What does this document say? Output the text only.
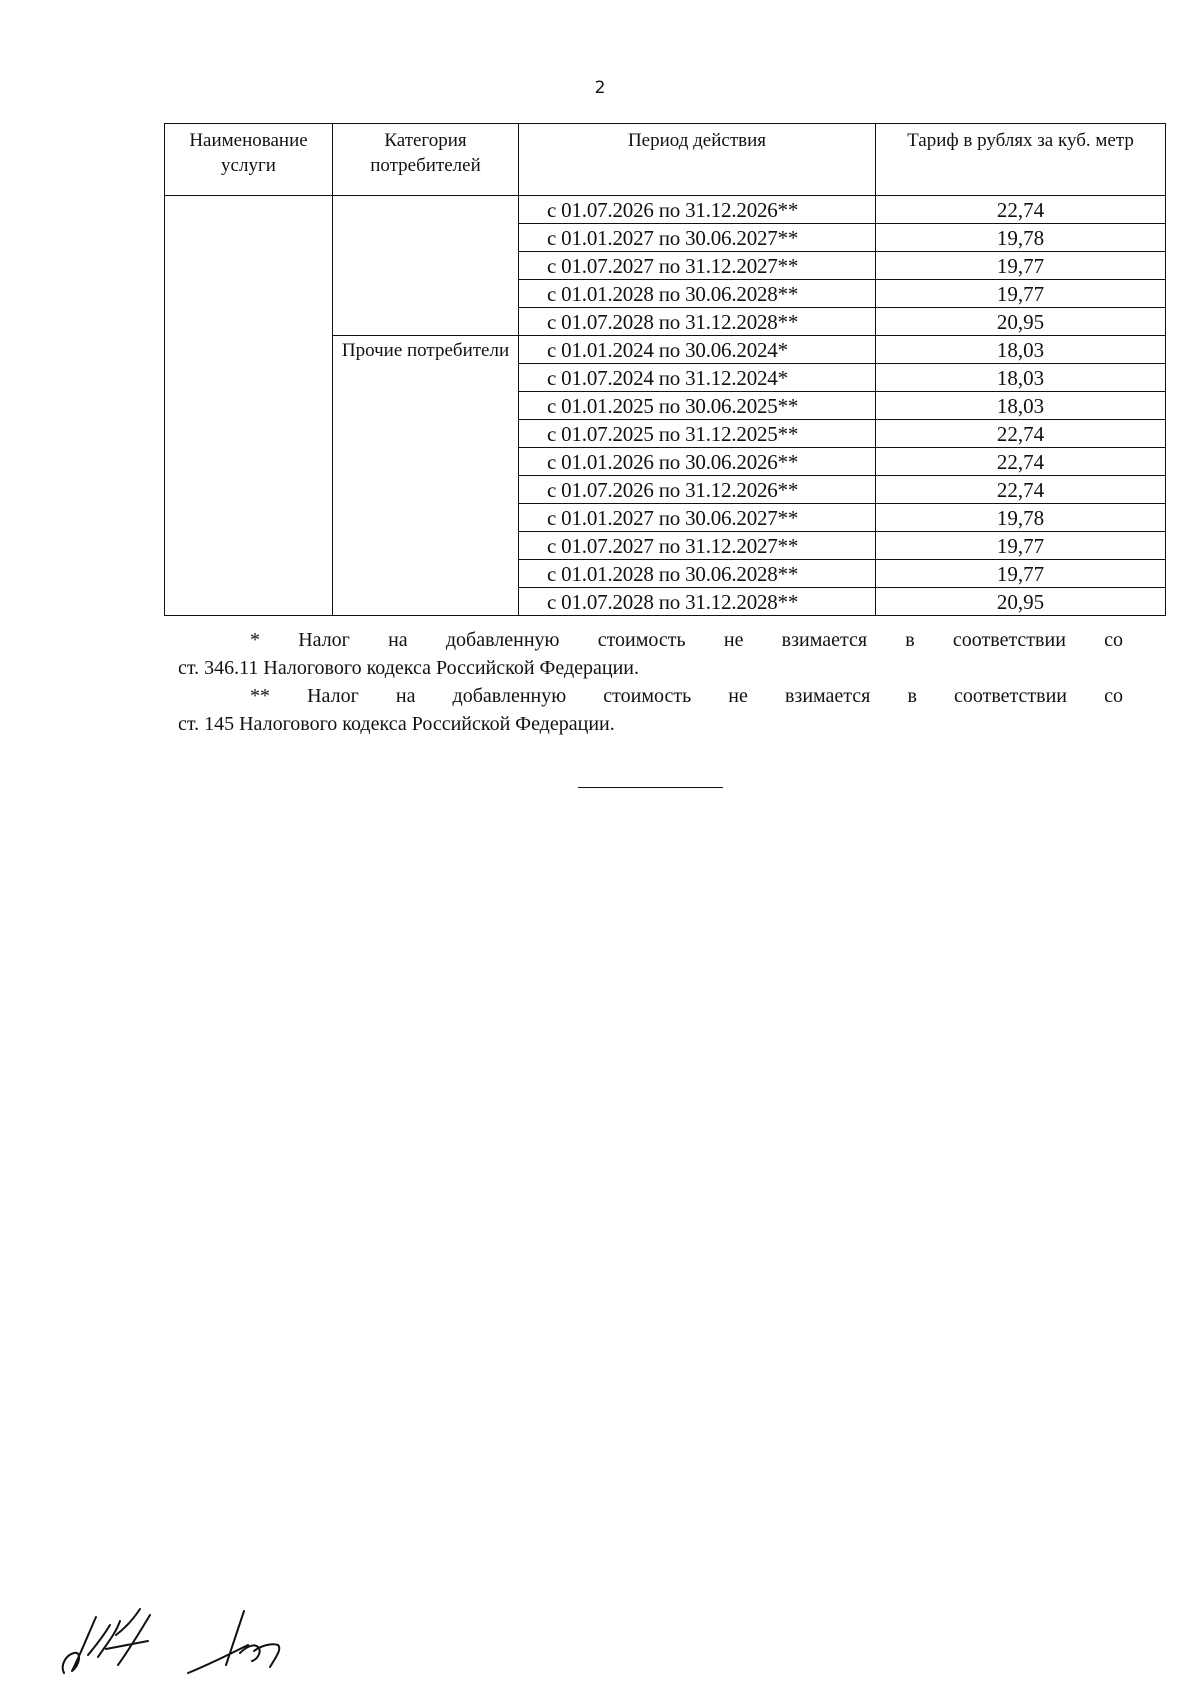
2
Наименование услуги	Категория потребителей	Период действия	Тариф в рублях за куб. метр
		с 01.07.2026 по 31.12.2026**	22,74
		с 01.01.2027 по 30.06.2027**	19,78
		с 01.07.2027 по 31.12.2027**	19,77
		с 01.01.2028 по 30.06.2028**	19,77
		с 01.07.2028 по 31.12.2028**	20,95
	Прочие потребители	с 01.01.2024 по 30.06.2024*	18,03
		с 01.07.2024 по 31.12.2024*	18,03
		с 01.01.2025 по 30.06.2025**	18,03
		с 01.07.2025 по 31.12.2025**	22,74
		с 01.01.2026 по 30.06.2026**	22,74
		с 01.07.2026 по 31.12.2026**	22,74
		с 01.01.2027 по 30.06.2027**	19,78
		с 01.07.2027 по 31.12.2027**	19,77
		с 01.01.2028 по 30.06.2028**	19,77
		с 01.07.2028 по 31.12.2028**	20,95

* Налог на добавленную стоимость не взимается в соответствии со
ст. 346.11 Налогового кодекса Российской Федерации.

** Налог на добавленную стоимость не взимается в соответствии со
ст. 145 Налогового кодекса Российской Федерации.
